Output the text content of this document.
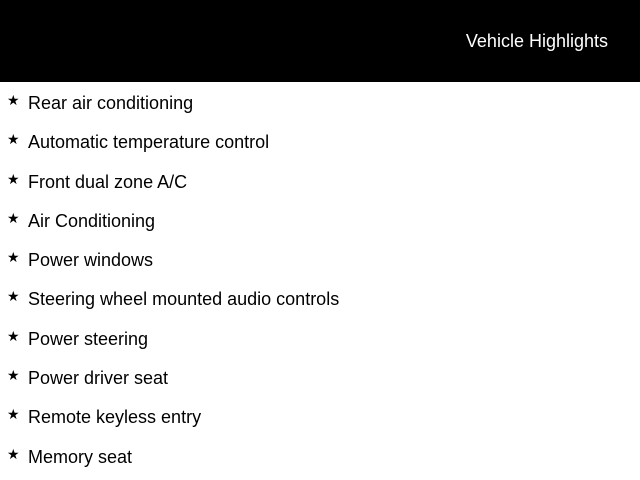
Vehicle Highlights
★ Rear air conditioning
★ Automatic temperature control
★ Front dual zone A/C
★ Air Conditioning
★ Power windows
★ Steering wheel mounted audio controls
★ Power steering
★ Power driver seat
★ Remote keyless entry
★ Memory seat
